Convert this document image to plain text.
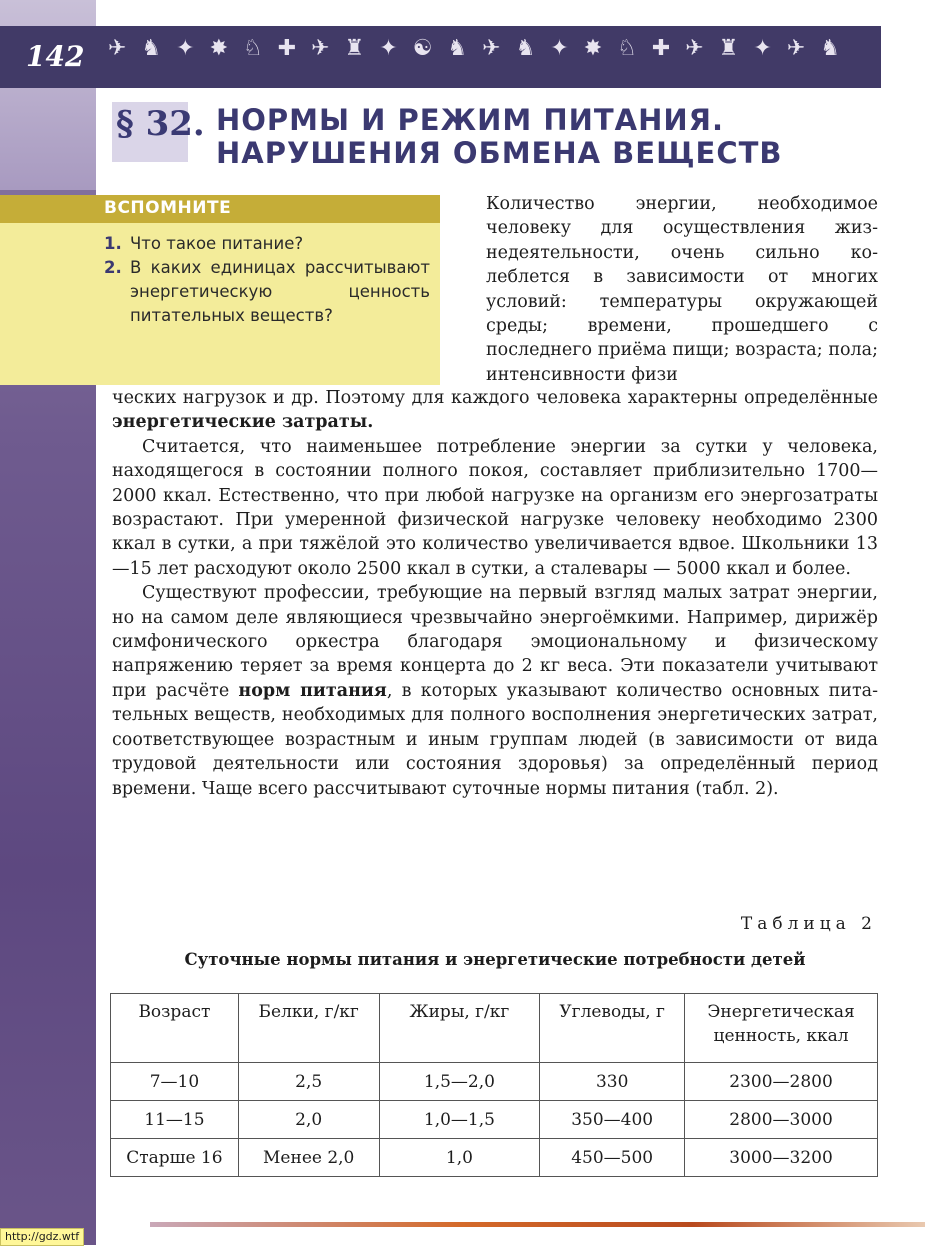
142 ✈ ♞ ✦ ✸ ♘ ✚ ✈ ♜ ✦ ☯ ♞ ✈ ♞ ✦ ✸ ♘ ✚ ✈ ♜ ✦ ✈ ♞
§ 32. НОРМЫ И РЕЖИМ ПИТАНИЯ.
НАРУШЕНИЯ ОБМЕНА ВЕЩЕСТВ
ВСПОМНИТЕ
1. Что такое питание?
2. В каких единицах рассчитывают энергетическую ценность питательных веществ?
Количество энергии, необходимое человеку для осуществления жизнедеятельности, очень сильно колеблется в зависимости от многих условий: температуры окружающей среды; времени, прошедшего с последнего приёма пищи; возраста; пола; интенсивности физи

ческих нагрузок и др. Поэтому для каждого человека характерны определённые энергетические затраты.

Считается, что наименьшее потребление энергии за сутки у человека, находящегося в состоянии полного покоя, составляет приблизительно 1700—2000 ккал. Естественно, что при любой нагрузке на организм его энергозатраты возрастают. При умеренной физической нагрузке человеку необходимо 2300 ккал в сутки, а при тяжёлой это количество увеличивается вдвое. Школьники 13—15 лет расходуют около 2500 ккал в сутки, а сталевары — 5000 ккал и более.

Существуют профессии, требующие на первый взгляд малых затрат энергии, но на самом деле являющиеся чрезвычайно энергоёмкими. Например, дирижёр симфонического оркестра благодаря эмоциональному и физическому напряжению теряет за время концерта до 2 кг веса. Эти показатели учитывают при расчёте норм питания, в которых указывают количество основных питательных веществ, необходимых для полного восполнения энергетических затрат, соответствующее возрастным и иным группам людей (в зависимости от вида трудовой деятельности или состояния здоровья) за определённый период времени. Чаще всего рассчитывают суточные нормы питания (табл. 2).

Таблица 2
Суточные нормы питания и энергетические потребности детей
Возраст	Белки, г/кг	Жиры, г/кг	Углеводы, г	Энергетическая ценность, ккал
7—10	2,5	1,5—2,0	330	2300—2800
11—15	2,0	1,0—1,5	350—400	2800—3000
Старше 16	Менее 2,0	1,0	450—500	3000—3200
http://gdz.wtf
